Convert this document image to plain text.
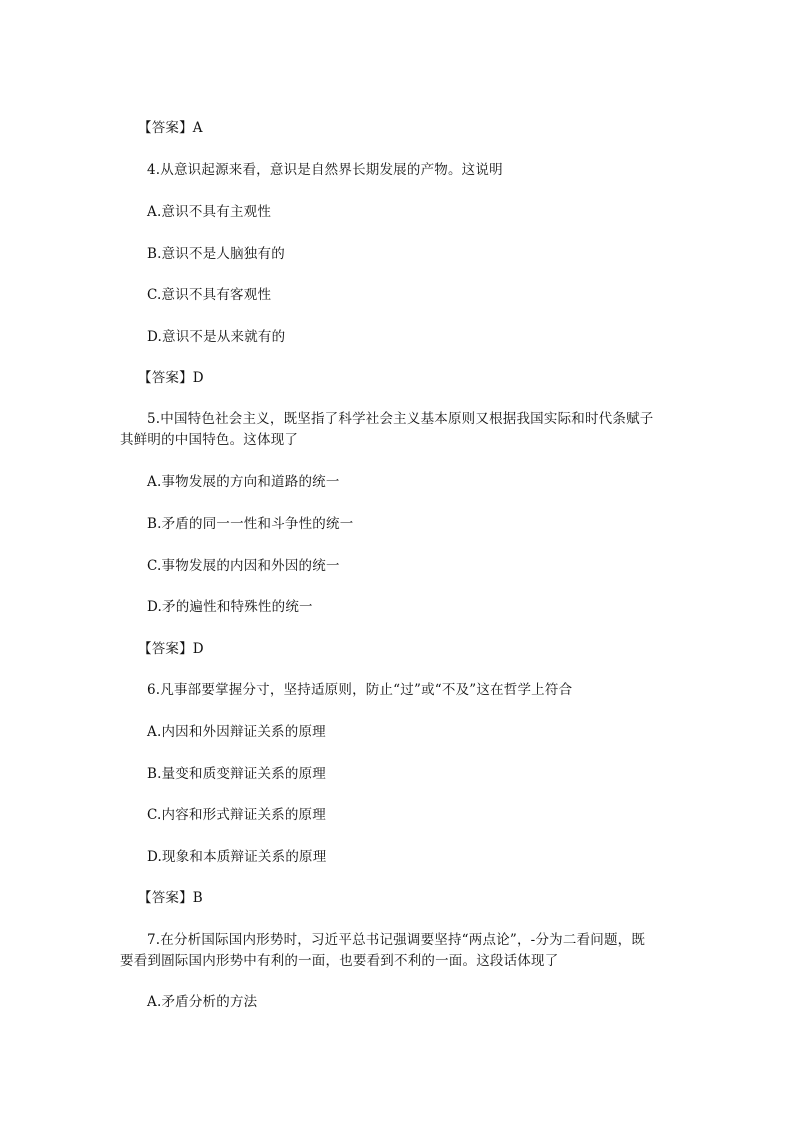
【答案】A
4.从意识起源来看，意识是自然界长期发展的产物。这说明
A.意识不具有主观性
B.意识不是人脑独有的
C.意识不具有客观性
D.意识不是从来就有的
【答案】D
5.中国特色社会主义，既坚指了科学社会主义基本原则又根据我国实际和时代条赋子
其鲜明的中国特色。这体现了
A.事物发展的方向和道路的统一
B.矛盾的同一一性和斗争性的统一
C.事物发展的内因和外因的统一
D.矛的遍性和特殊性的统一
【答案】D
6.凡事部要掌握分寸，坚持适原则，防止“过”或“不及”这在哲学上符合
A.内因和外因辩证关系的原理
B.量变和质变辩证关系的原理
C.内容和形式辩证关系的原理
D.现象和本质辩证关系的原理
【答案】B
7.在分析国际国内形势时，习近平总书记强调要坚持“两点论”，-分为二看问题，既
要看到圄际国内形势中有利的一面，也要看到不利的一面。这段话体现了
A.矛盾分析的方法
